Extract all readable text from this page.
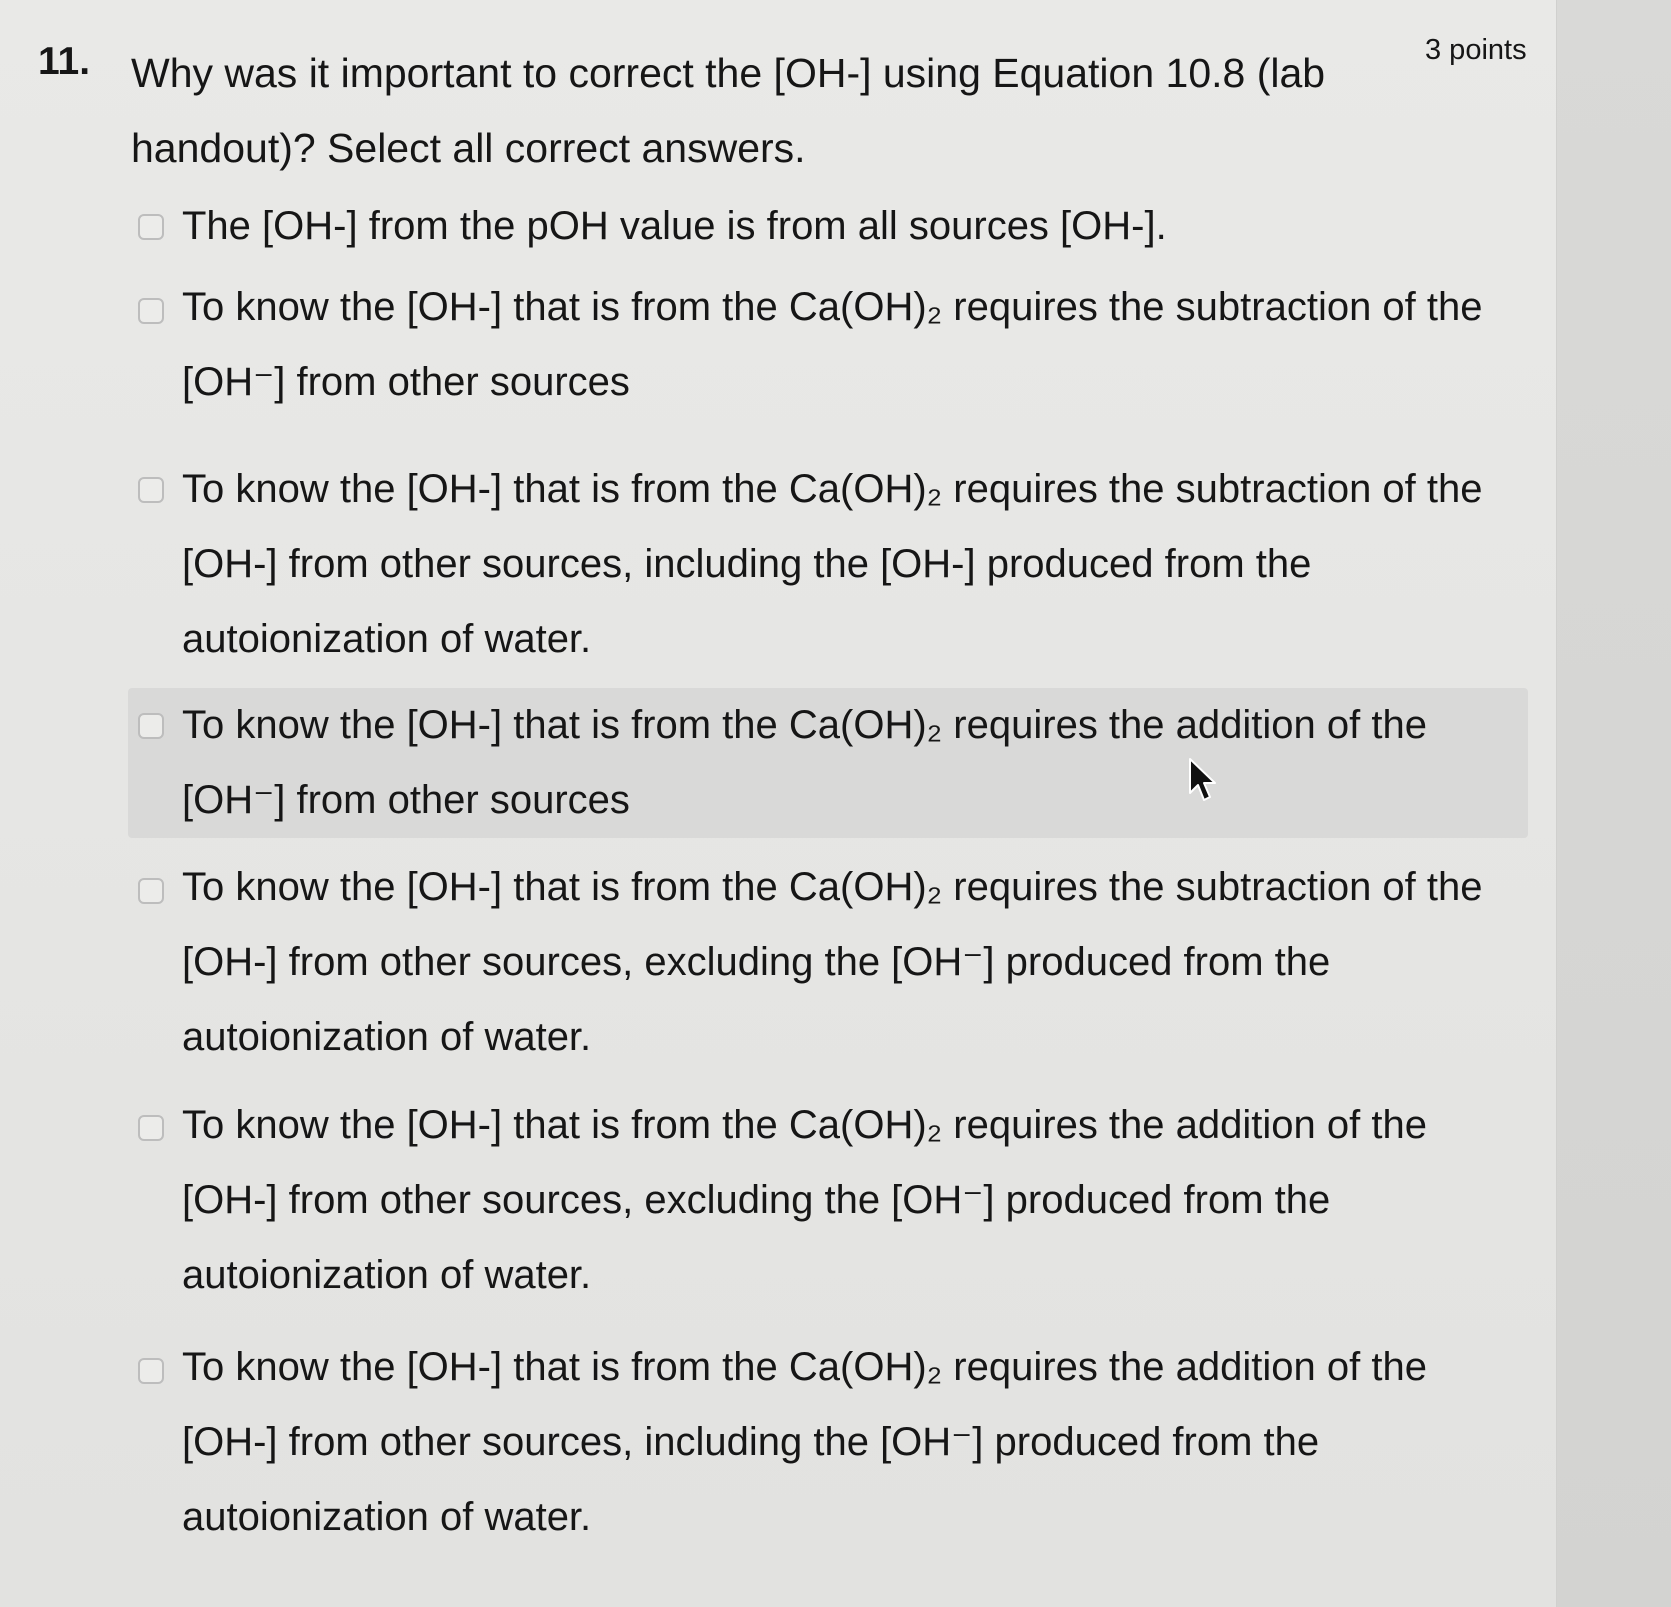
11. Why was it important to correct the [OH-] using Equation 10.8 (lab handout)? Select all correct answers.
3 points
The [OH-] from the pOH value is from all sources [OH-].
To know the [OH-] that is from the Ca(OH)₂ requires the subtraction of the [OH⁻] from other sources
To know the [OH-] that is from the Ca(OH)₂ requires the subtraction of the [OH-] from other sources, including the [OH-] produced from the autoionization of water.
To know the [OH-] that is from the Ca(OH)₂ requires the addition of the [OH⁻] from other sources
To know the [OH-] that is from the Ca(OH)₂ requires the subtraction of the [OH-] from other sources, excluding the [OH⁻] produced from the autoionization of water.
To know the [OH-] that is from the Ca(OH)₂ requires the addition of the [OH-] from other sources, excluding the [OH⁻] produced from the autoionization of water.
To know the [OH-] that is from the Ca(OH)₂ requires the addition of the [OH-] from other sources, including the [OH⁻] produced from the autoionization of water.
